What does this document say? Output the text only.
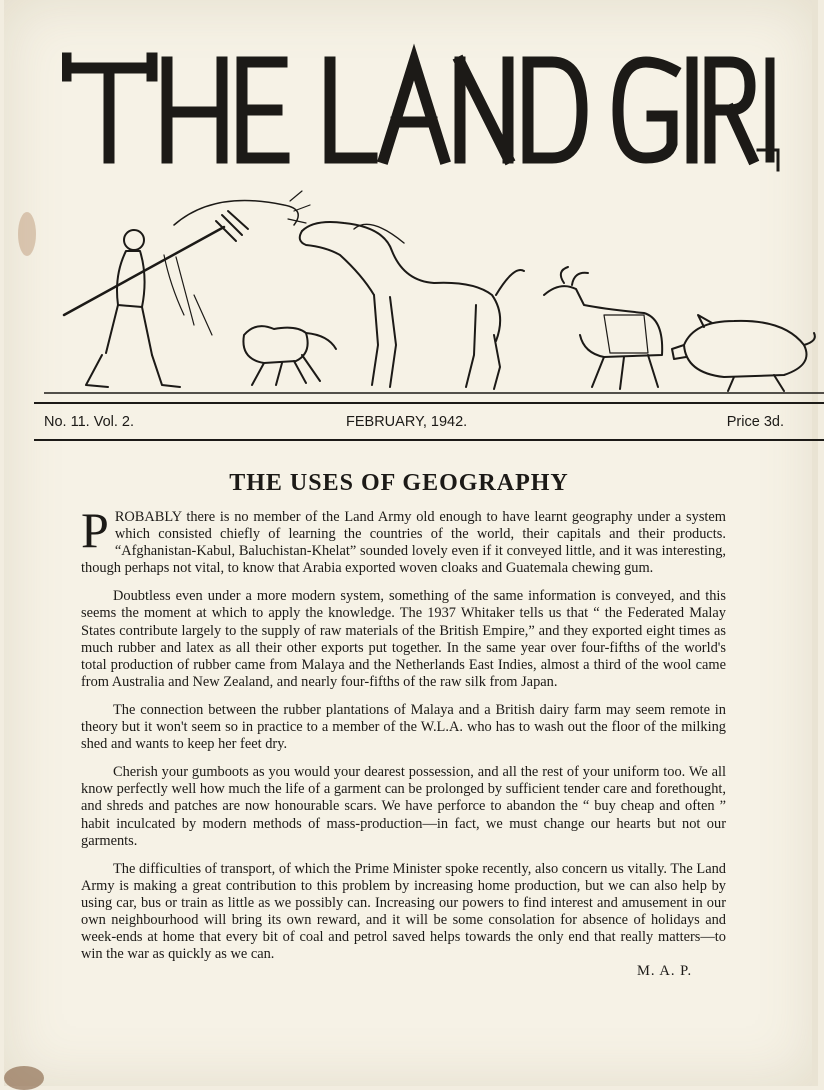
No. 11. Vol. 2.	FEBRUARY, 1942.	Price 3d.
THE USES OF GEOGRAPHY

PROBABLY there is no member of the Land Army old enough to have learnt geography under a system which consisted chiefly of learning the countries of the world, their capitals and their products. “Afghanistan-Kabul, Baluchistan-Khelat” sounded lovely even if it conveyed little, and it was interesting, though perhaps not vital, to know that Arabia exported woven cloaks and Guatemala chewing gum.

Doubtless even under a more modern system, something of the same information is conveyed, and this seems the moment at which to apply the knowledge. The 1937 Whitaker tells us that “ the Federated Malay States contribute largely to the supply of raw materials of the British Empire,” and they exported eight times as much rubber and latex as all their other exports put together. In the same year over four-fifths of the world's total production of rubber came from Malaya and the Netherlands East Indies, almost a third of the wool came from Australia and New Zealand, and nearly four-fifths of the raw silk from Japan.

The connection between the rubber plantations of Malaya and a British dairy farm may seem remote in theory but it won't seem so in practice to a member of the W.L.A. who has to wash out the floor of the milking shed and wants to keep her feet dry.

Cherish your gumboots as you would your dearest possession, and all the rest of your uniform too. We all know perfectly well how much the life of a garment can be prolonged by sufficient tender care and forethought, and shreds and patches are now honourable scars. We have perforce to abandon the “ buy cheap and often ” habit inculcated by modern methods of mass-production—in fact, we must change our hearts but not our garments.

The difficulties of transport, of which the Prime Minister spoke recently, also concern us vitally. The Land Army is making a great contribution to this problem by increasing home production, but we can also help by using car, bus or train as little as we possibly can. Increasing our powers to find interest and amusement in our own neighbourhood will bring its own reward, and it will be some consolation for absence of holidays and week-ends at home that every bit of coal and petrol saved helps towards the only end that really matters—to win the war as quickly as we can.

M. A. P.
